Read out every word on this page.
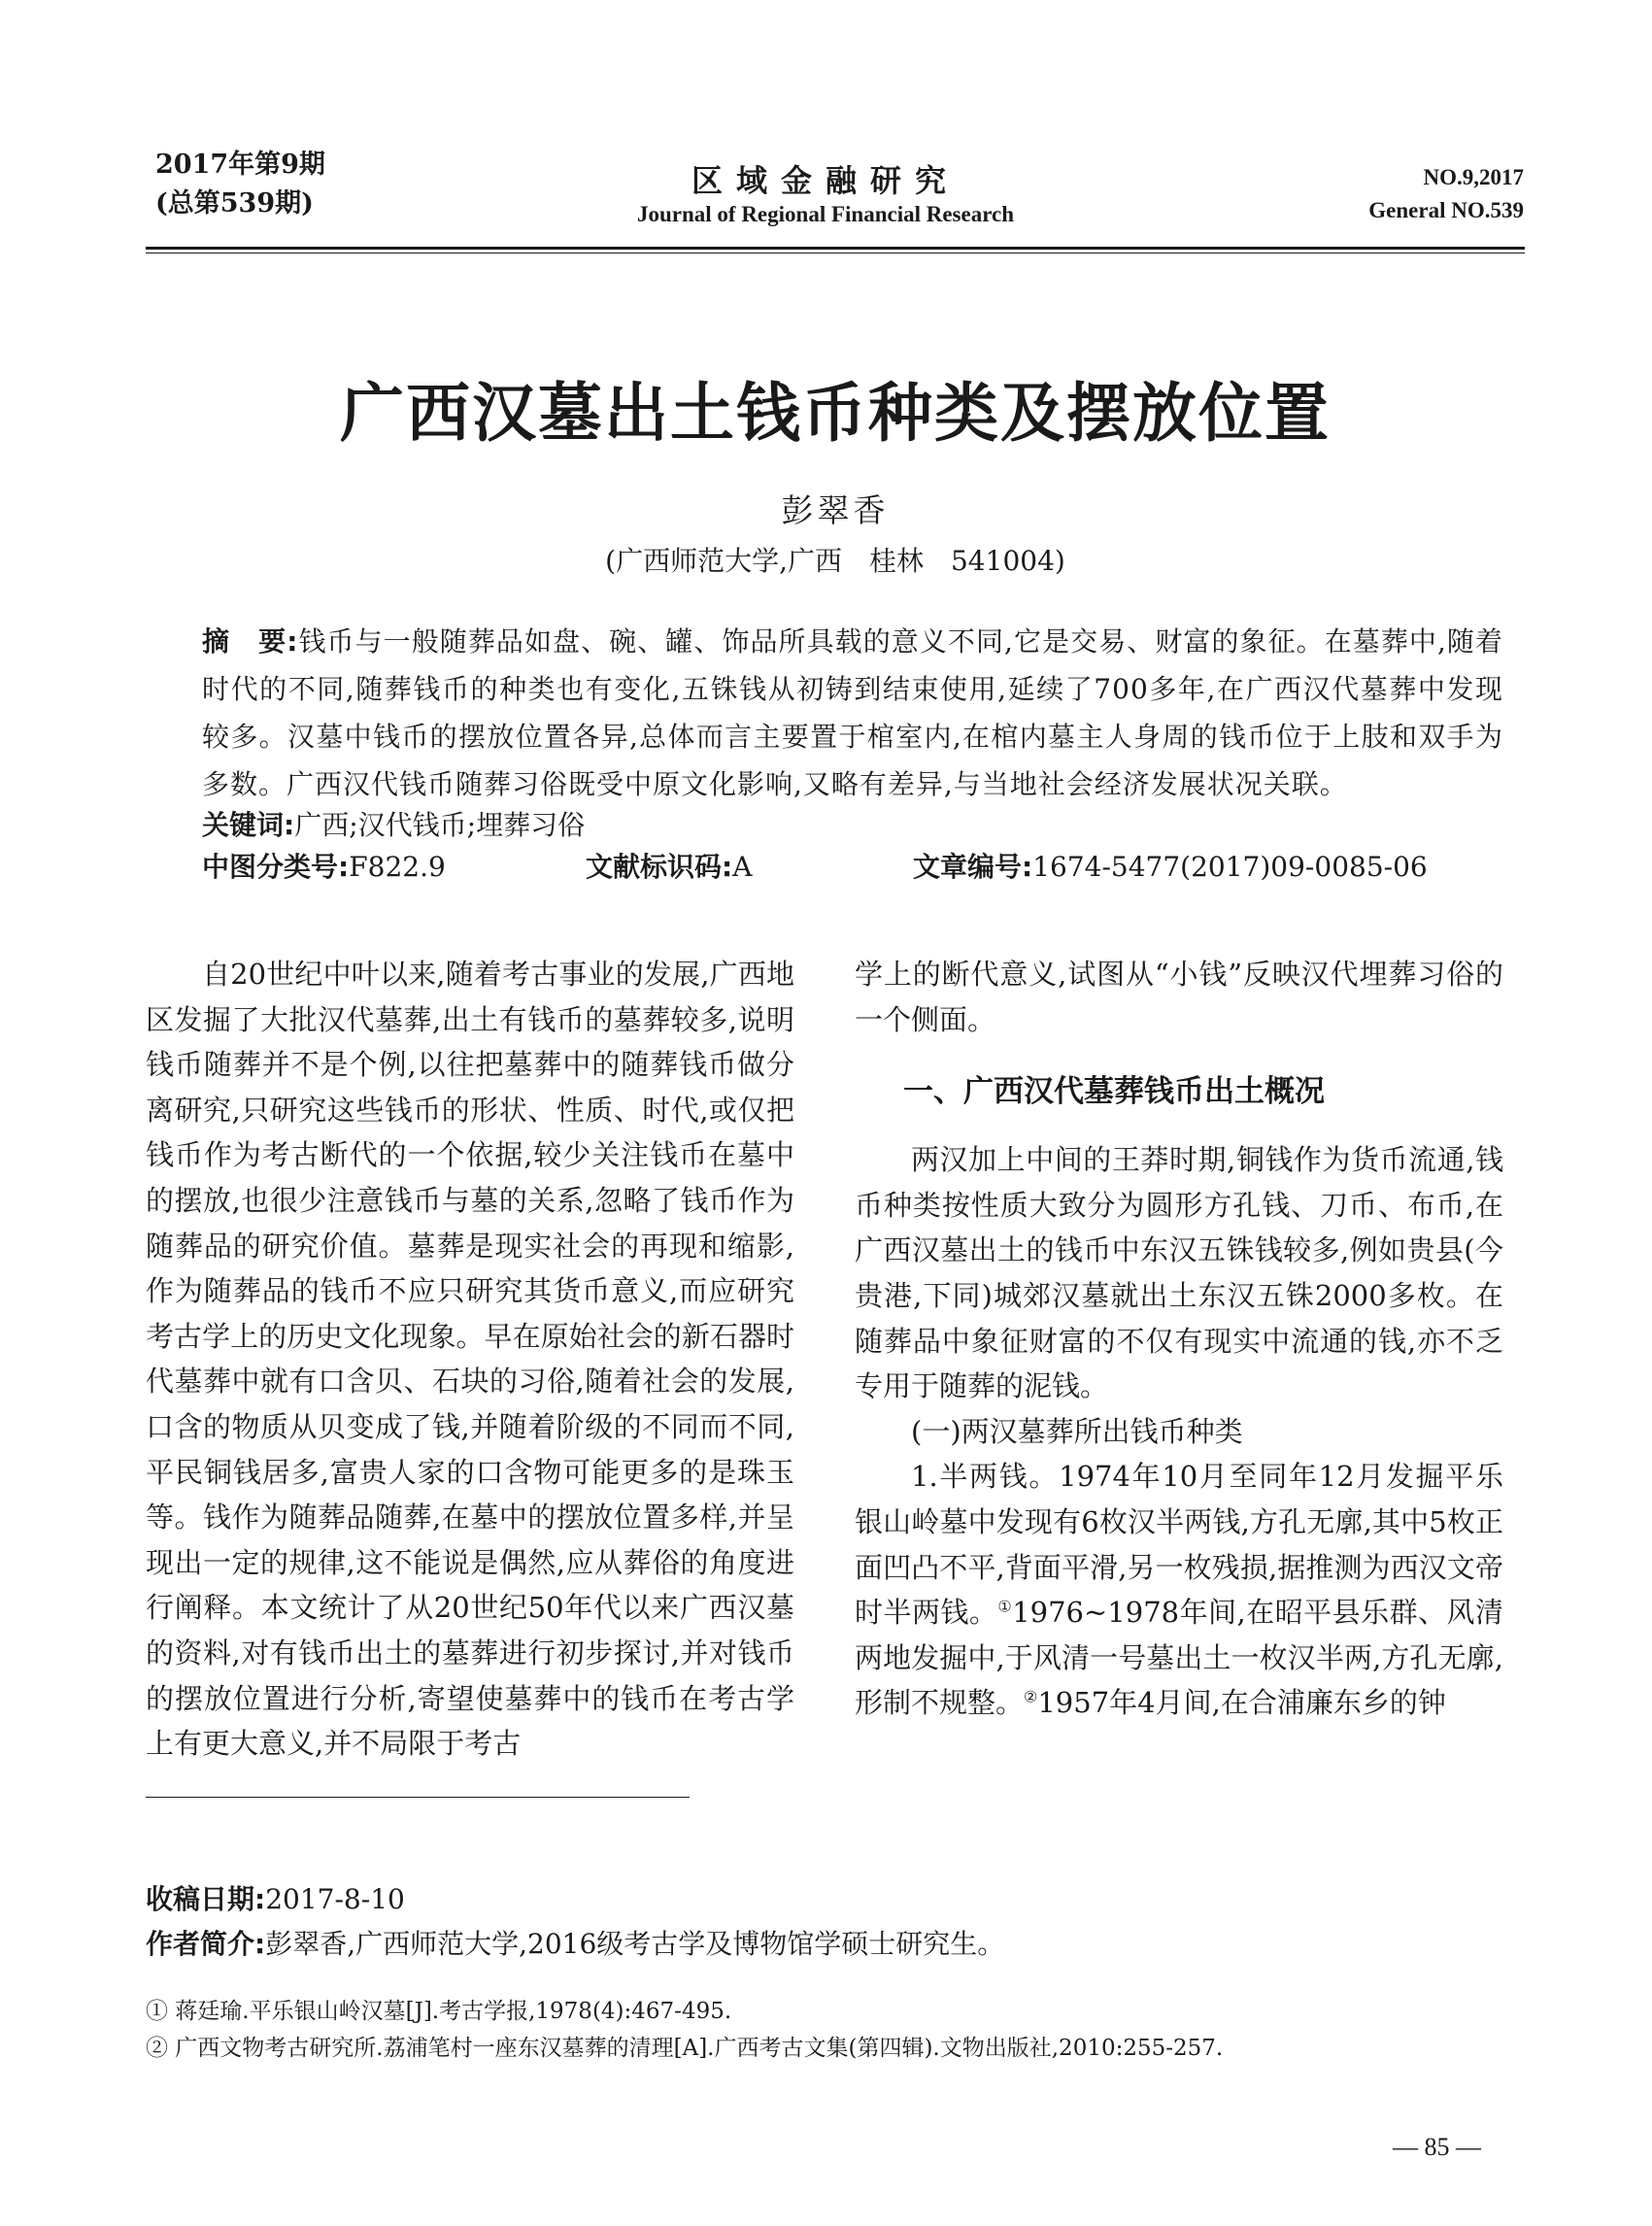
2017年第9期
(总第539期)
区域金融研究
Journal of Regional Financial Research
NO.9,2017
General NO.539
广西汉墓出土钱币种类及摆放位置
彭翠香
(广西师范大学,广西　桂林　541004)
摘　要:钱币与一般随葬品如盘、碗、罐、饰品所具载的意义不同,它是交易、财富的象征。在墓葬中,随着时代的不同,随葬钱币的种类也有变化,五铢钱从初铸到结束使用,延续了700多年,在广西汉代墓葬中发现较多。汉墓中钱币的摆放位置各异,总体而言主要置于棺室内,在棺内墓主人身周的钱币位于上肢和双手为多数。广西汉代钱币随葬习俗既受中原文化影响,又略有差异,与当地社会经济发展状况关联。
关键词:广西;汉代钱币;埋葬习俗
中图分类号:F822.9	文献标识码:A	文章编号:1674-5477(2017)09-0085-06

自20世纪中叶以来,随着考古事业的发展,广西地区发掘了大批汉代墓葬,出土有钱币的墓葬较多,说明钱币随葬并不是个例,以往把墓葬中的随葬钱币做分离研究,只研究这些钱币的形状、性质、时代,或仅把钱币作为考古断代的一个依据,较少关注钱币在墓中的摆放,也很少注意钱币与墓的关系,忽略了钱币作为随葬品的研究价值。墓葬是现实社会的再现和缩影,作为随葬品的钱币不应只研究其货币意义,而应研究考古学上的历史文化现象。早在原始社会的新石器时代墓葬中就有口含贝、石块的习俗,随着社会的发展,口含的物质从贝变成了钱,并随着阶级的不同而不同,平民铜钱居多,富贵人家的口含物可能更多的是珠玉等。钱作为随葬品随葬,在墓中的摆放位置多样,并呈现出一定的规律,这不能说是偶然,应从葬俗的角度进行阐释。本文统计了从20世纪50年代以来广西汉墓的资料,对有钱币出土的墓葬进行初步探讨,并对钱币的摆放位置进行分析,寄望使墓葬中的钱币在考古学上有更大意义,并不局限于考古

学上的断代意义,试图从“小钱”反映汉代埋葬习俗的一个侧面。

一、广西汉代墓葬钱币出土概况

两汉加上中间的王莽时期,铜钱作为货币流通,钱币种类按性质大致分为圆形方孔钱、刀币、布币,在广西汉墓出土的钱币中东汉五铢钱较多,例如贵县(今贵港,下同)城郊汉墓就出土东汉五铢2000多枚。在随葬品中象征财富的不仅有现实中流通的钱,亦不乏专用于随葬的泥钱。

(一)两汉墓葬所出钱币种类

1.半两钱。1974年10月至同年12月发掘平乐银山岭墓中发现有6枚汉半两钱,方孔无廓,其中5枚正面凹凸不平,背面平滑,另一枚残损,据推测为西汉文帝时半两钱。①1976~1978年间,在昭平县乐群、风清两地发掘中,于风清一号墓出土一枚汉半两,方孔无廓,形制不规整。②1957年4月间,在合浦廉东乡的钟

收稿日期:2017-8-10
作者简介:彭翠香,广西师范大学,2016级考古学及博物馆学硕士研究生。
① 蒋廷瑜.平乐银山岭汉墓[J].考古学报,1978(4):467-495.
② 广西文物考古研究所.荔浦笔村一座东汉墓葬的清理[A].广西考古文集(第四辑).文物出版社,2010:255-257.
— 85 —
